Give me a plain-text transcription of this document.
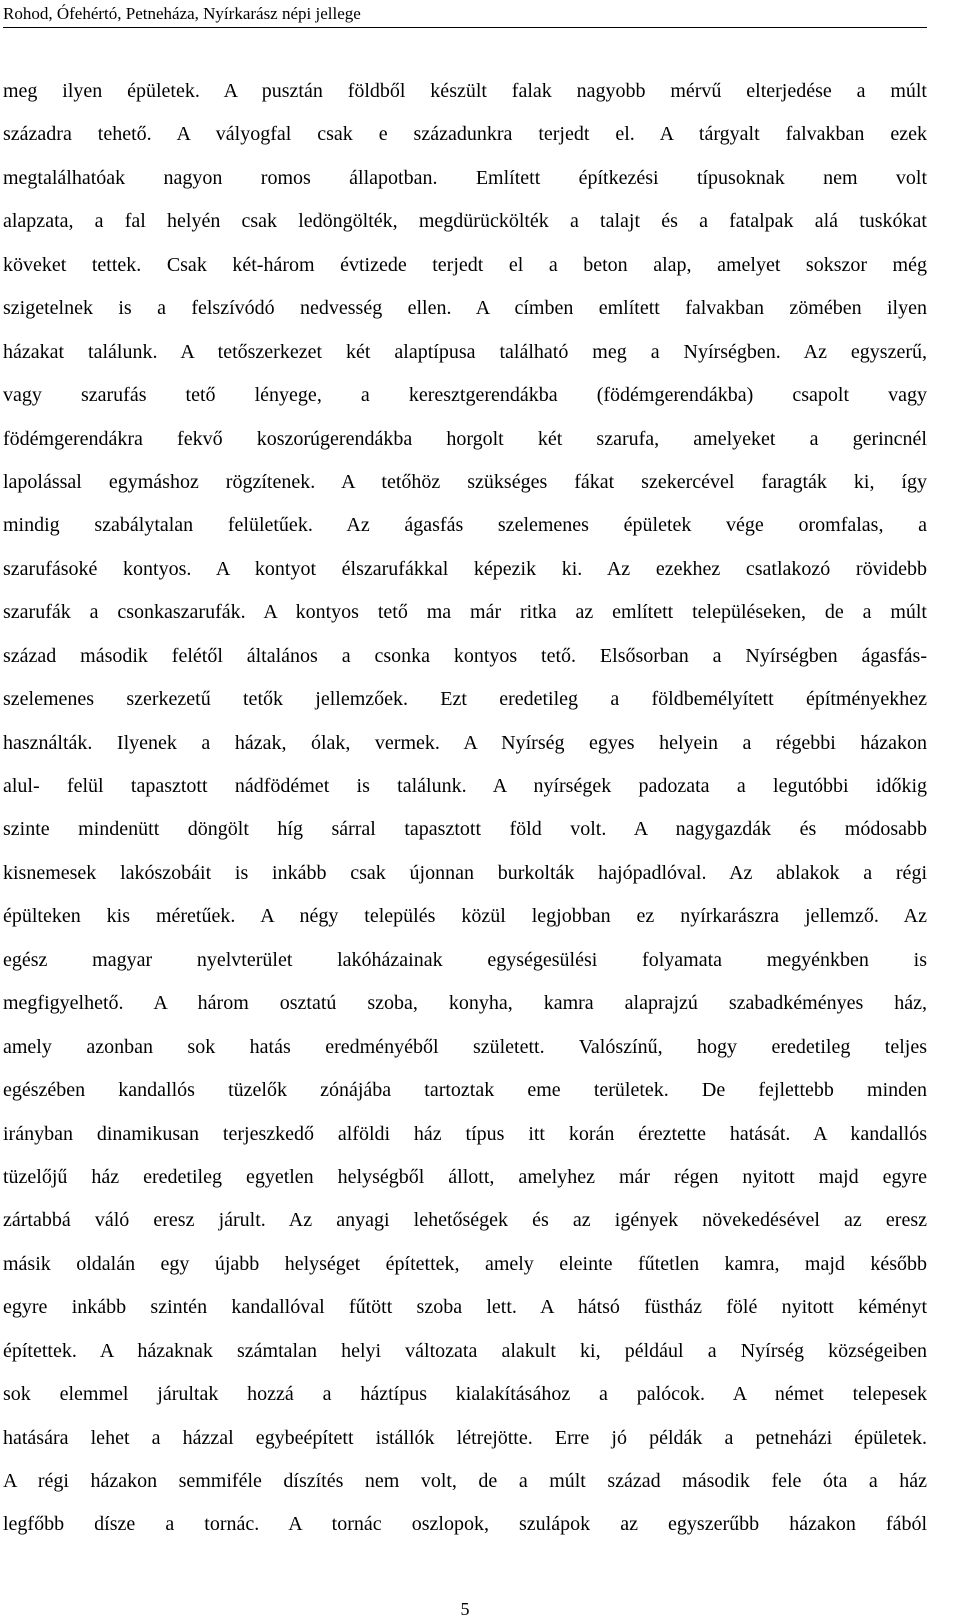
Rohod, Ófehértó, Petneháza, Nyírkarász népi jellege
meg ilyen épületek. A pusztán földből készült falak nagyobb mérvű elterjedése a múlt
századra tehető. A vályogfal csak e századunkra terjedt el. A tárgyalt falvakban ezek
megtalálhatóak nagyon romos állapotban. Említett építkezési típusoknak nem volt
alapzata, a fal helyén csak ledöngölték, megdürückölték a talajt és a fatalpak alá tuskókat
köveket tettek. Csak két-három évtizede terjedt el a beton alap, amelyet sokszor még
szigetelnek is a felszívódó nedvesség ellen. A címben említett falvakban zömében ilyen
házakat találunk. A tetőszerkezet két alaptípusa található meg a Nyírségben. Az egyszerű,
vagy szarufás tető lényege, a keresztgerendákba (födémgerendákba) csapolt vagy
födémgerendákra fekvő koszorúgerendákba horgolt két szarufa, amelyeket a gerincnél
lapolással egymáshoz rögzítenek. A tetőhöz szükséges fákat szekercével faragták ki, így
mindig szabálytalan felületűek. Az ágasfás szelemenes épületek vége oromfalas, a
szarufásoké kontyos. A kontyot élszarufákkal képezik ki. Az ezekhez csatlakozó rövidebb
szarufák a csonkaszarufák. A kontyos tető ma már ritka az említett településeken, de a múlt
század második felétől általános a csonka kontyos tető. Elsősorban a Nyírségben ágasfás-
szelemenes szerkezetű tetők jellemzőek. Ezt eredetileg a földbemélyített építményekhez
használták. Ilyenek a házak, ólak, vermek. A Nyírség egyes helyein a régebbi házakon
alul- felül tapasztott nádfödémet is találunk. A nyírségek padozata a legutóbbi időkig
szinte mindenütt döngölt híg sárral tapasztott föld volt. A nagygazdák és módosabb
kisnemesek lakószobáit is inkább csak újonnan burkolták hajópadlóval. Az ablakok a régi
épülteken kis méretűek. A négy település közül legjobban ez nyírkarászra jellemző. Az
egész magyar nyelvterület lakóházainak egységesülési folyamata megyénkben is
megfigyelhető. A három osztatú szoba, konyha, kamra alaprajzú szabadkéményes ház,
amely azonban sok hatás eredményéből született. Valószínű, hogy eredetileg teljes
egészében kandallós tüzelők zónájába tartoztak eme területek. De fejlettebb minden
irányban dinamikusan terjeszkedő alföldi ház típus itt korán éreztette hatását. A kandallós
tüzelőjű ház eredetileg egyetlen helységből állott, amelyhez már régen nyitott majd egyre
zártabbá váló eresz járult. Az anyagi lehetőségek és az igények növekedésével az eresz
másik oldalán egy újabb helységet építettek, amely eleinte fűtetlen kamra, majd később
egyre inkább szintén kandallóval fűtött szoba lett. A hátsó füstház fölé nyitott kéményt
építettek. A házaknak számtalan helyi változata alakult ki, például a Nyírség községeiben
sok elemmel járultak hozzá a háztípus kialakításához a palócok. A német telepesek
hatására lehet a házzal egybeépített istállók létrejötte. Erre jó példák a petneházi épületek.
A régi házakon semmiféle díszítés nem volt, de a múlt század második fele óta a ház
legfőbb dísze a tornác. A tornác oszlopok, szulápok az egyszerűbb házakon fából
5
